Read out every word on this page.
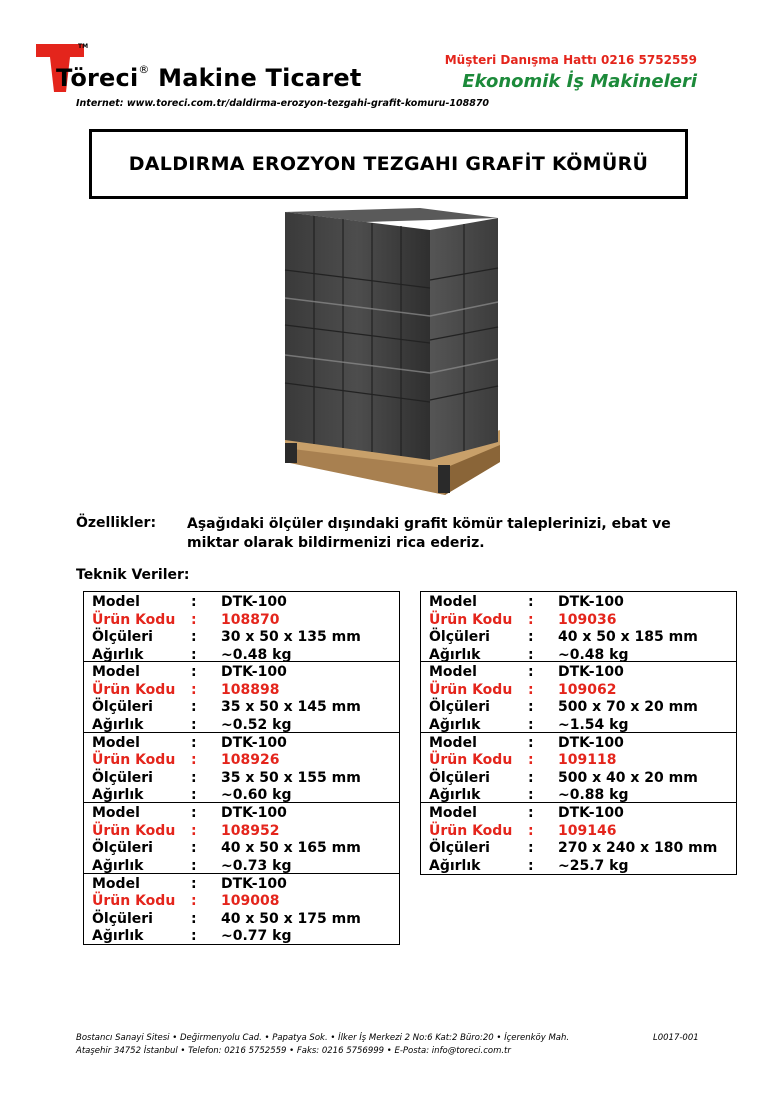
TM
Töreci® Makine Ticaret
Internet: www.toreci.com.tr/daldirma-erozyon-tezgahi-grafit-komuru-108870
Müşteri Danışma Hattı 0216 5752559
Ekonomik İş Makineleri
DALDIRMA EROZYON TEZGAHI GRAFİT KÖMÜRÜ
Özellikler: Aşağıdaki ölçüler dışındaki grafit kömür taleplerinizi, ebat ve miktar olarak bildirmenizi rica ederiz.
Teknik Veriler:
Model	:	DTK-100
Ürün Kodu	:	108870
Ölçüleri	:	30 x 50 x 135 mm
Ağırlık	:	~0.48 kg
Model	:	DTK-100
Ürün Kodu	:	108898
Ölçüleri	:	35 x 50 x 145 mm
Ağırlık	:	~0.52 kg
Model	:	DTK-100
Ürün Kodu	:	108926
Ölçüleri	:	35 x 50 x 155 mm
Ağırlık	:	~0.60 kg
Model	:	DTK-100
Ürün Kodu	:	108952
Ölçüleri	:	40 x 50 x 165 mm
Ağırlık	:	~0.73 kg
Model	:	DTK-100
Ürün Kodu	:	109008
Ölçüleri	:	40 x 50 x 175 mm
Ağırlık	:	~0.77 kg
Model	:	DTK-100
Ürün Kodu	:	109036
Ölçüleri	:	40 x 50 x 185 mm
Ağırlık	:	~0.48 kg
Model	:	DTK-100
Ürün Kodu	:	109062
Ölçüleri	:	500 x 70 x 20 mm
Ağırlık	:	~1.54 kg
Model	:	DTK-100
Ürün Kodu	:	109118
Ölçüleri	:	500 x 40 x 20 mm
Ağırlık	:	~0.88 kg
Model	:	DTK-100
Ürün Kodu	:	109146
Ölçüleri	:	270 x 240 x 180 mm
Ağırlık	:	~25.7 kg
Bostancı Sanayi Sitesi • Değirmenyolu Cad. • Papatya Sok. • İlker İş Merkezi 2 No:6 Kat:2 Büro:20 • İçerenköy Mah.
Ataşehir 34752 İstanbul • Telefon: 0216 5752559 • Faks: 0216 5756999 • E-Posta: info@toreci.com.tr
L0017-001
